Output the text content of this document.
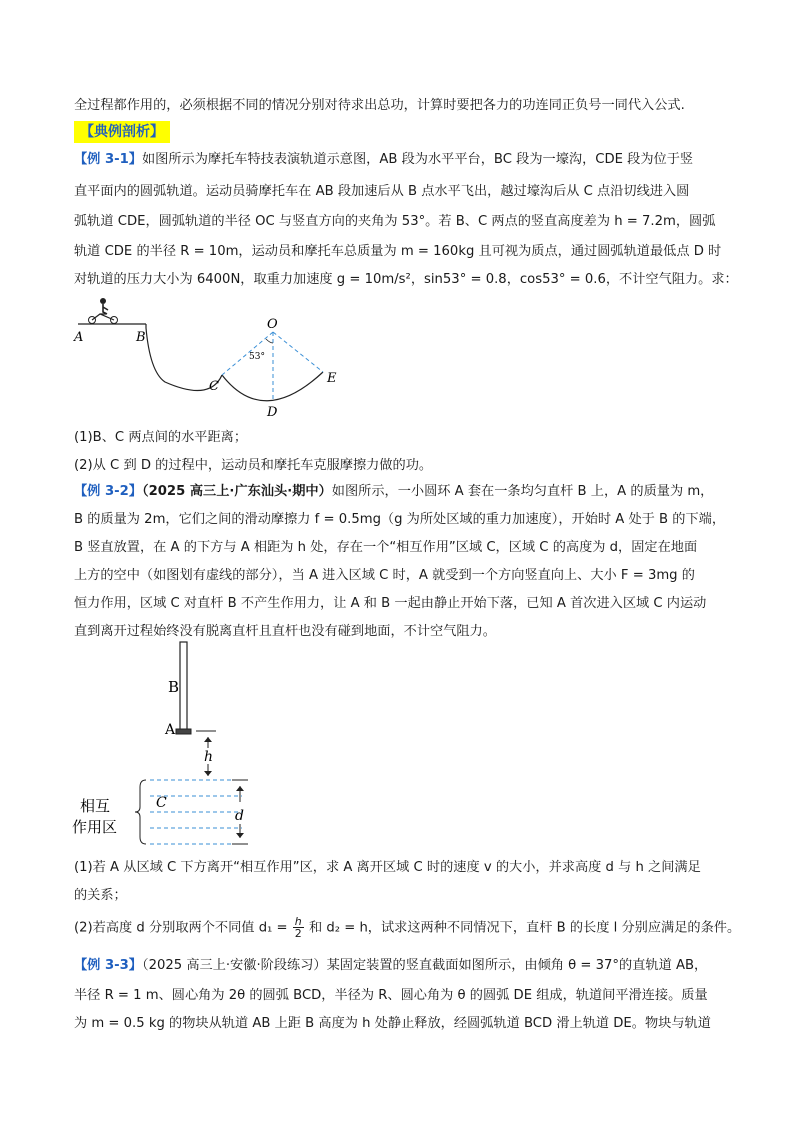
全过程都作用的，必须根据不同的情况分别对待求出总功，计算时要把各力的功连同正负号一同代入公式.
【典例剖析】
【例 3-1】如图所示为摩托车特技表演轨道示意图，AB 段为水平平台，BC 段为一壕沟，CDE 段为位于竖
直平面内的圆弧轨道。运动员骑摩托车在 AB 段加速后从 B 点水平飞出，越过壕沟后从 C 点沿切线进入圆
弧轨道 CDE，圆弧轨道的半径 OC 与竖直方向的夹角为 53°。若 B、C 两点的竖直高度差为 h = 7.2m，圆弧
轨道 CDE 的半径 R = 10m，运动员和摩托车总质量为 m = 160kg 且可视为质点，通过圆弧轨道最低点 D 时
对轨道的压力大小为 6400N，取重力加速度 g = 10m/s²，sin53° = 0.8，cos53° = 0.6，不计空气阻力。求：
A	B
C
D
E
O
53°
(1)B、C 两点间的水平距离；
(2)从 C 到 D 的过程中，运动员和摩托车克服摩擦力做的功。
【例 3-2】（2025 高三上·广东汕头·期中）如图所示，一小圆环 A 套在一条均匀直杆 B 上，A 的质量为 m，
B 的质量为 2m，它们之间的滑动摩擦力 f = 0.5mg（g 为所处区域的重力加速度），开始时 A 处于 B 的下端，
B 竖直放置，在 A 的下方与 A 相距为 h 处，存在一个“相互作用”区域 C，区域 C 的高度为 d，固定在地面
上方的空中（如图划有虚线的部分），当 A 进入区域 C 时，A 就受到一个方向竖直向上、大小 F = 3mg 的
恒力作用，区域 C 对直杆 B 不产生作用力，让 A 和 B 一起由静止开始下落，已知 A 首次进入区域 C 内运动
直到离开过程始终没有脱离直杆且直杆也没有碰到地面，不计空气阻力。
B
A
h
C
d
相互
作用区
(1)若 A 从区域 C 下方离开“相互作用”区，求 A 离开区域 C 时的速度 v 的大小，并求高度 d 与 h 之间满足
的关系；
(2)若高度 d 分别取两个不同值 $d_1 = \frac{h}{2}$ 和 d₂ = h，试求这两种不同情况下，直杆 B 的长度 l 分别应满足的条件。
【例 3-3】（2025 高三上·安徽·阶段练习）某固定装置的竖直截面如图所示，由倾角 θ = 37°的直轨道 AB，
半径 R = 1 m、圆心角为 2θ 的圆弧 BCD，半径为 R、圆心角为 θ 的圆弧 DE 组成，轨道间平滑连接。质量
为 m = 0.5 kg 的物块从轨道 AB 上距 B 高度为 h 处静止释放，经圆弧轨道 BCD 滑上轨道 DE。物块与轨道
